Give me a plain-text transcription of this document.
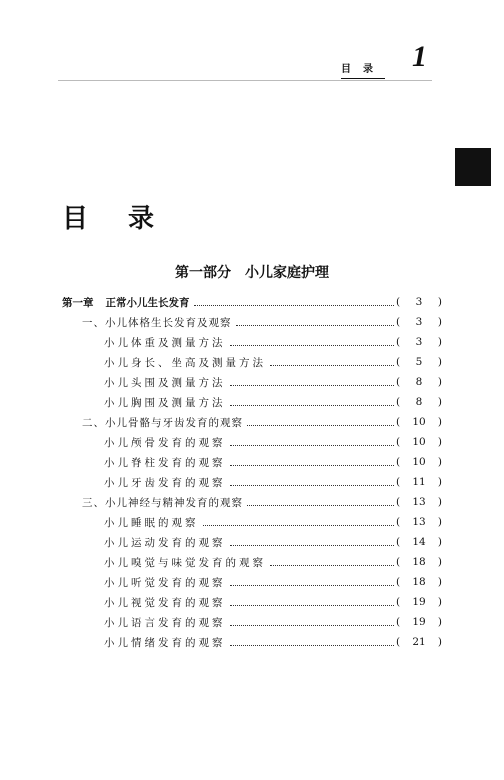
目录 1
目录
第一部分　小儿家庭护理
第一章 正常小儿生长发育	( 3 )
一、小儿体格生长发育及观察	( 3 )
小儿体重及测量方法	( 3 )
小儿身长、坐高及测量方法	( 5 )
小儿头围及测量方法	( 8 )
小儿胸围及测量方法	( 8 )
二、小儿骨骼与牙齿发育的观察	( 10 )
小儿颅骨发育的观察	( 10 )
小儿脊柱发育的观察	( 10 )
小儿牙齿发育的观察	( 11 )
三、小儿神经与精神发育的观察	( 13 )
小儿睡眠的观察	( 13 )
小儿运动发育的观察	( 14 )
小儿嗅觉与味觉发育的观察	( 18 )
小儿听觉发育的观察	( 18 )
小儿视觉发育的观察	( 19 )
小儿语言发育的观察	( 19 )
小儿情绪发育的观察	( 21 )
